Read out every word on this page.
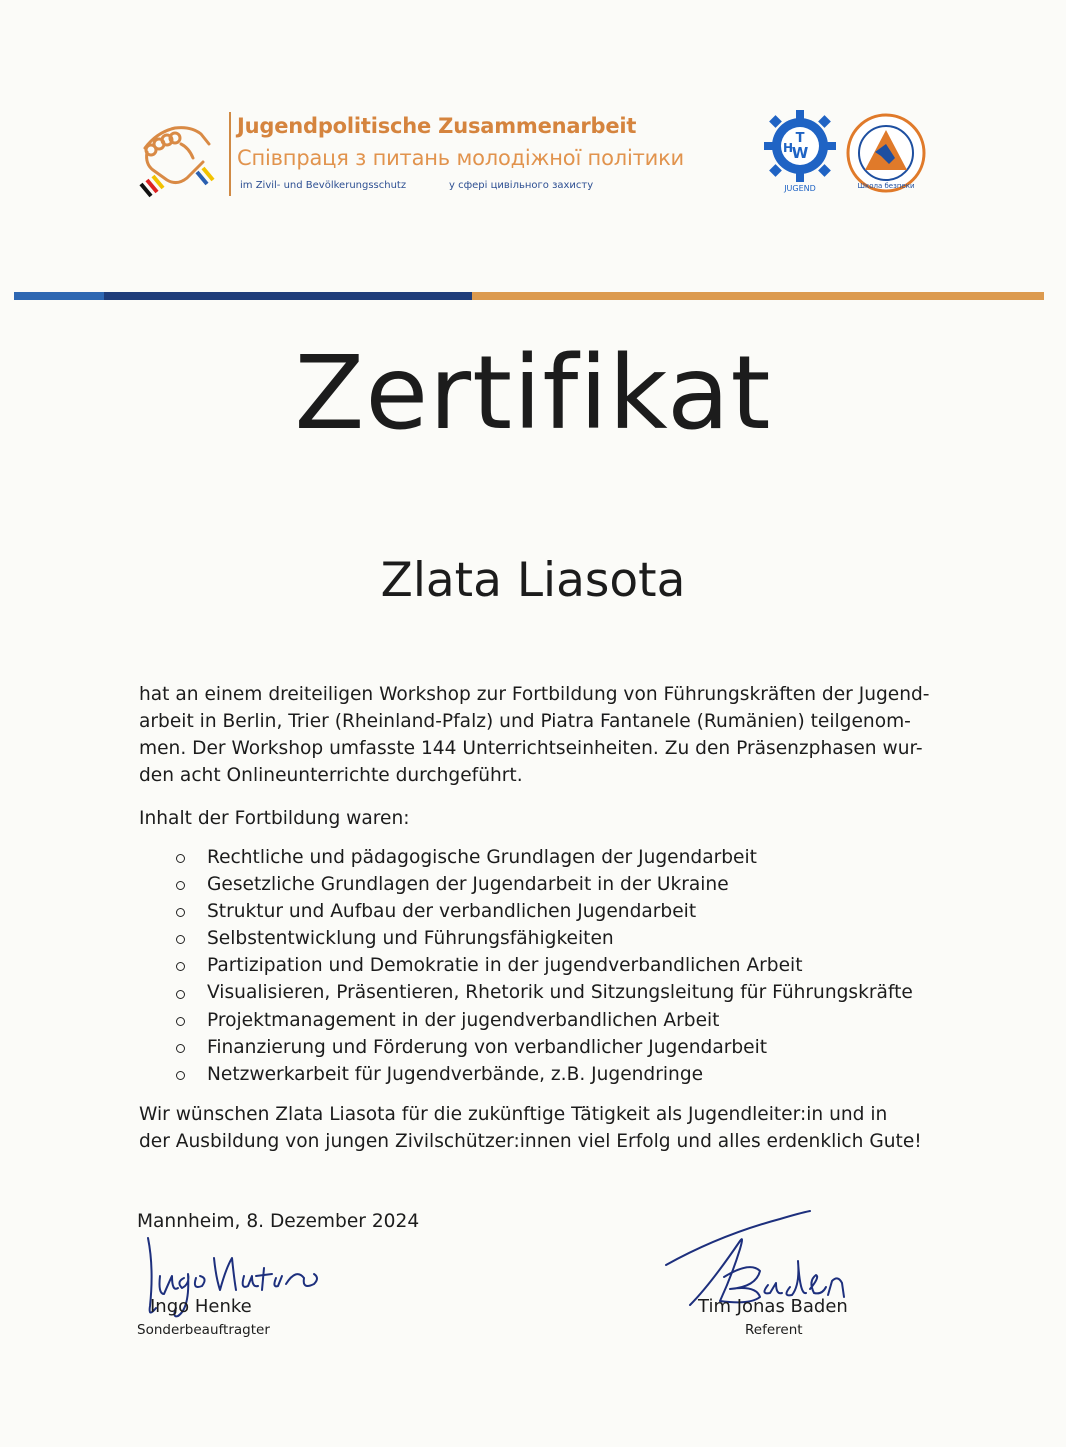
Jugendpolitische Zusammenarbeit
Співпраця з питань молодіжної політики
im Zivil- und Bevölkerungsschutz	у сфері цивільного захисту
T
W
H
JUGEND	Школа безпеки
Zertifikat
Zlata Liasota

hat an einem dreiteiligen Workshop zur Fortbildung von Führungskräften der Jugend-
arbeit in Berlin, Trier (Rheinland-Pfalz) und Piatra Fantanele (Rumänien) teilgenom-
men. Der Workshop umfasste 144 Unterrichtseinheiten. Zu den Präsenzphasen wur-
den acht Onlineunterrichte durchgeführt.

Inhalt der Fortbildung waren:
Rechtliche und pädagogische Grundlagen der Jugendarbeit
Gesetzliche Grundlagen der Jugendarbeit in der Ukraine
Struktur und Aufbau der verbandlichen Jugendarbeit
Selbstentwicklung und Führungsfähigkeiten
Partizipation und Demokratie in der jugendverbandlichen Arbeit
Visualisieren, Präsentieren, Rhetorik und Sitzungsleitung für Führungskräfte
Projektmanagement in der jugendverbandlichen Arbeit
Finanzierung und Förderung von verbandlicher Jugendarbeit
Netzwerkarbeit für Jugendverbände, z.B. Jugendringe
Wir wünschen Zlata Liasota für die zukünftige Tätigkeit als Jugendleiter:in und in
der Ausbildung von jungen Zivilschützer:innen viel Erfolg und alles erdenklich Gute!
Mannheim, 8. Dezember 2024
Ingo Henke
Sonderbeauftragter
Tim Jonas Baden
Referent
